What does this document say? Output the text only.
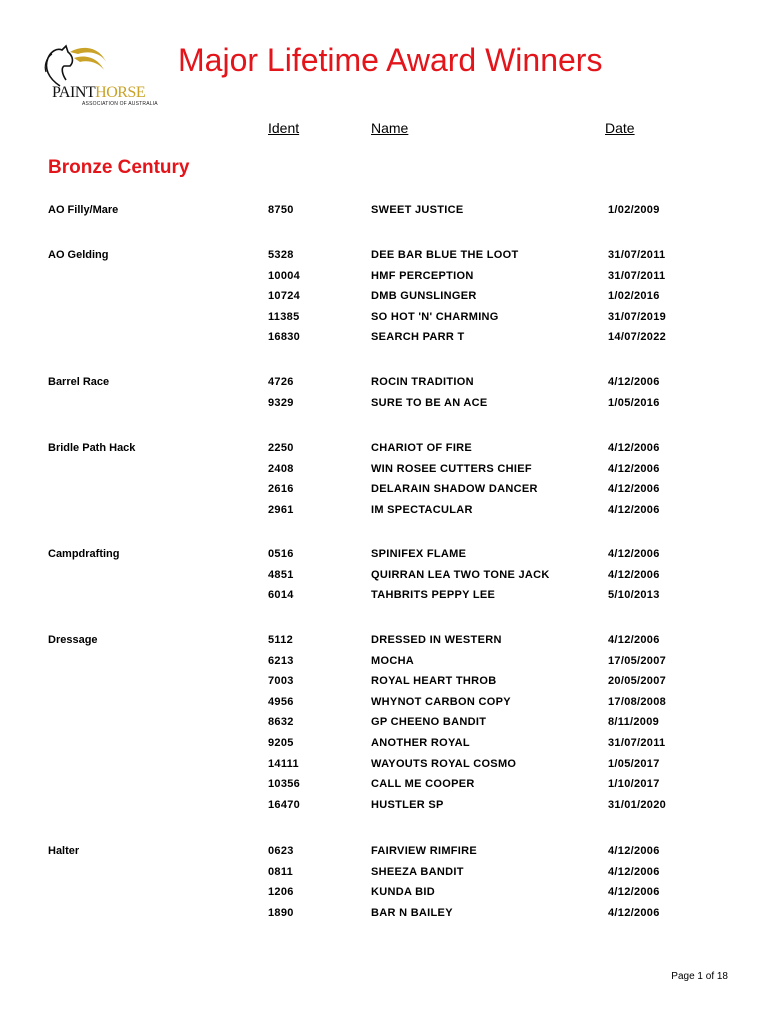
PAINTHORSE
ASSOCIATION OF AUSTRALIA
Major Lifetime Award Winners
Ident	Name	Date
Bronze Century
AO Filly/Mare	8750	SWEET JUSTICE	1/02/2009
AO Gelding	5328	DEE BAR BLUE THE LOOT	31/07/2011
10004	HMF PERCEPTION	31/07/2011
10724	DMB GUNSLINGER	1/02/2016
11385	SO HOT 'N' CHARMING	31/07/2019
16830	SEARCH PARR T	14/07/2022
Barrel Race	4726	ROCIN TRADITION	4/12/2006
9329	SURE TO BE AN ACE	1/05/2016
Bridle Path Hack	2250	CHARIOT OF FIRE	4/12/2006
2408	WIN ROSEE CUTTERS CHIEF	4/12/2006
2616	DELARAIN SHADOW DANCER	4/12/2006
2961	IM SPECTACULAR	4/12/2006
Campdrafting	0516	SPINIFEX FLAME	4/12/2006
4851	QUIRRAN LEA TWO TONE JACK	4/12/2006
6014	TAHBRITS PEPPY LEE	5/10/2013
Dressage	5112	DRESSED IN WESTERN	4/12/2006
6213	MOCHA	17/05/2007
7003	ROYAL HEART THROB	20/05/2007
4956	WHYNOT CARBON COPY	17/08/2008
8632	GP CHEENO BANDIT	8/11/2009
9205	ANOTHER ROYAL	31/07/2011
14111	WAYOUTS ROYAL COSMO	1/05/2017
10356	CALL ME COOPER	1/10/2017
16470	HUSTLER SP	31/01/2020
Halter	0623	FAIRVIEW RIMFIRE	4/12/2006
0811	SHEEZA BANDIT	4/12/2006
1206	KUNDA BID	4/12/2006
1890	BAR N BAILEY	4/12/2006
Page 1 of 18
